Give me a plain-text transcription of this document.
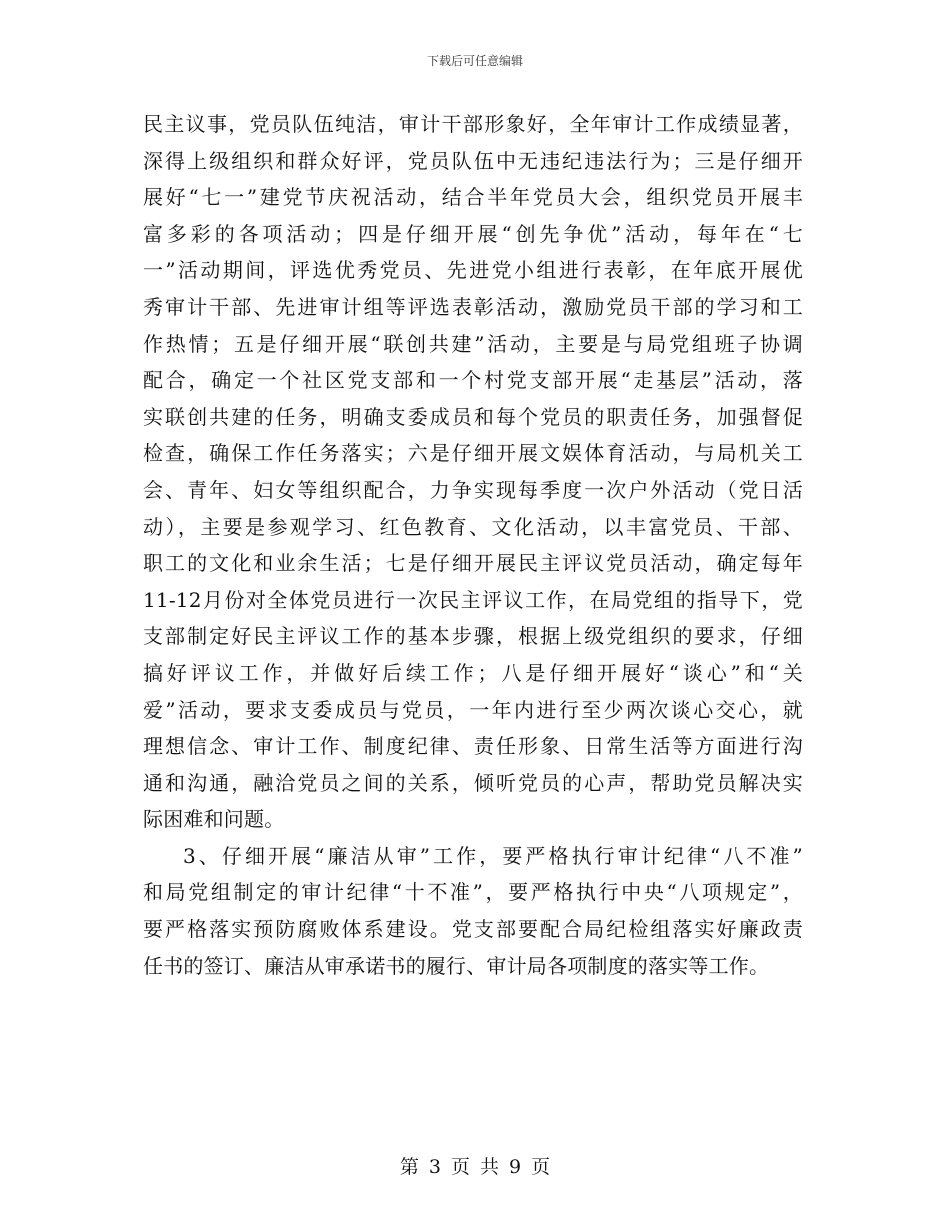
下载后可任意编辑
民主议事，党员队伍纯洁，审计干部形象好，全年审计工作成绩显著，
深得上级组织和群众好评，党员队伍中无违纪违法行为；三是仔细开
展好“七一”建党节庆祝活动，结合半年党员大会，组织党员开展丰
富多彩的各项活动；四是仔细开展“创先争优”活动，每年在“七
一”活动期间，评选优秀党员、先进党小组进行表彰，在年底开展优
秀审计干部、先进审计组等评选表彰活动，激励党员干部的学习和工
作热情；五是仔细开展“联创共建”活动，主要是与局党组班子协调
配合，确定一个社区党支部和一个村党支部开展“走基层”活动，落
实联创共建的任务，明确支委成员和每个党员的职责任务，加强督促
检查，确保工作任务落实；六是仔细开展文娱体育活动，与局机关工
会、青年、妇女等组织配合，力争实现每季度一次户外活动（党日活
动），主要是参观学习、红色教育、文化活动，以丰富党员、干部、
职工的文化和业余生活；七是仔细开展民主评议党员活动，确定每年
11-12月份对全体党员进行一次民主评议工作，在局党组的指导下，党
支部制定好民主评议工作的基本步骤，根据上级党组织的要求，仔细
搞好评议工作，并做好后续工作；八是仔细开展好“谈心”和“关
爱”活动，要求支委成员与党员，一年内进行至少两次谈心交心，就
理想信念、审计工作、制度纪律、责任形象、日常生活等方面进行沟
通和沟通，融洽党员之间的关系，倾听党员的心声，帮助党员解决实
际困难和问题。
3、仔细开展“廉洁从审”工作，要严格执行审计纪律“八不准”
和局党组制定的审计纪律“十不准”，要严格执行中央“八项规定”，
要严格落实预防腐败体系建设。党支部要配合局纪检组落实好廉政责
任书的签订、廉洁从审承诺书的履行、审计局各项制度的落实等工作。
第 3 页 共 9 页
